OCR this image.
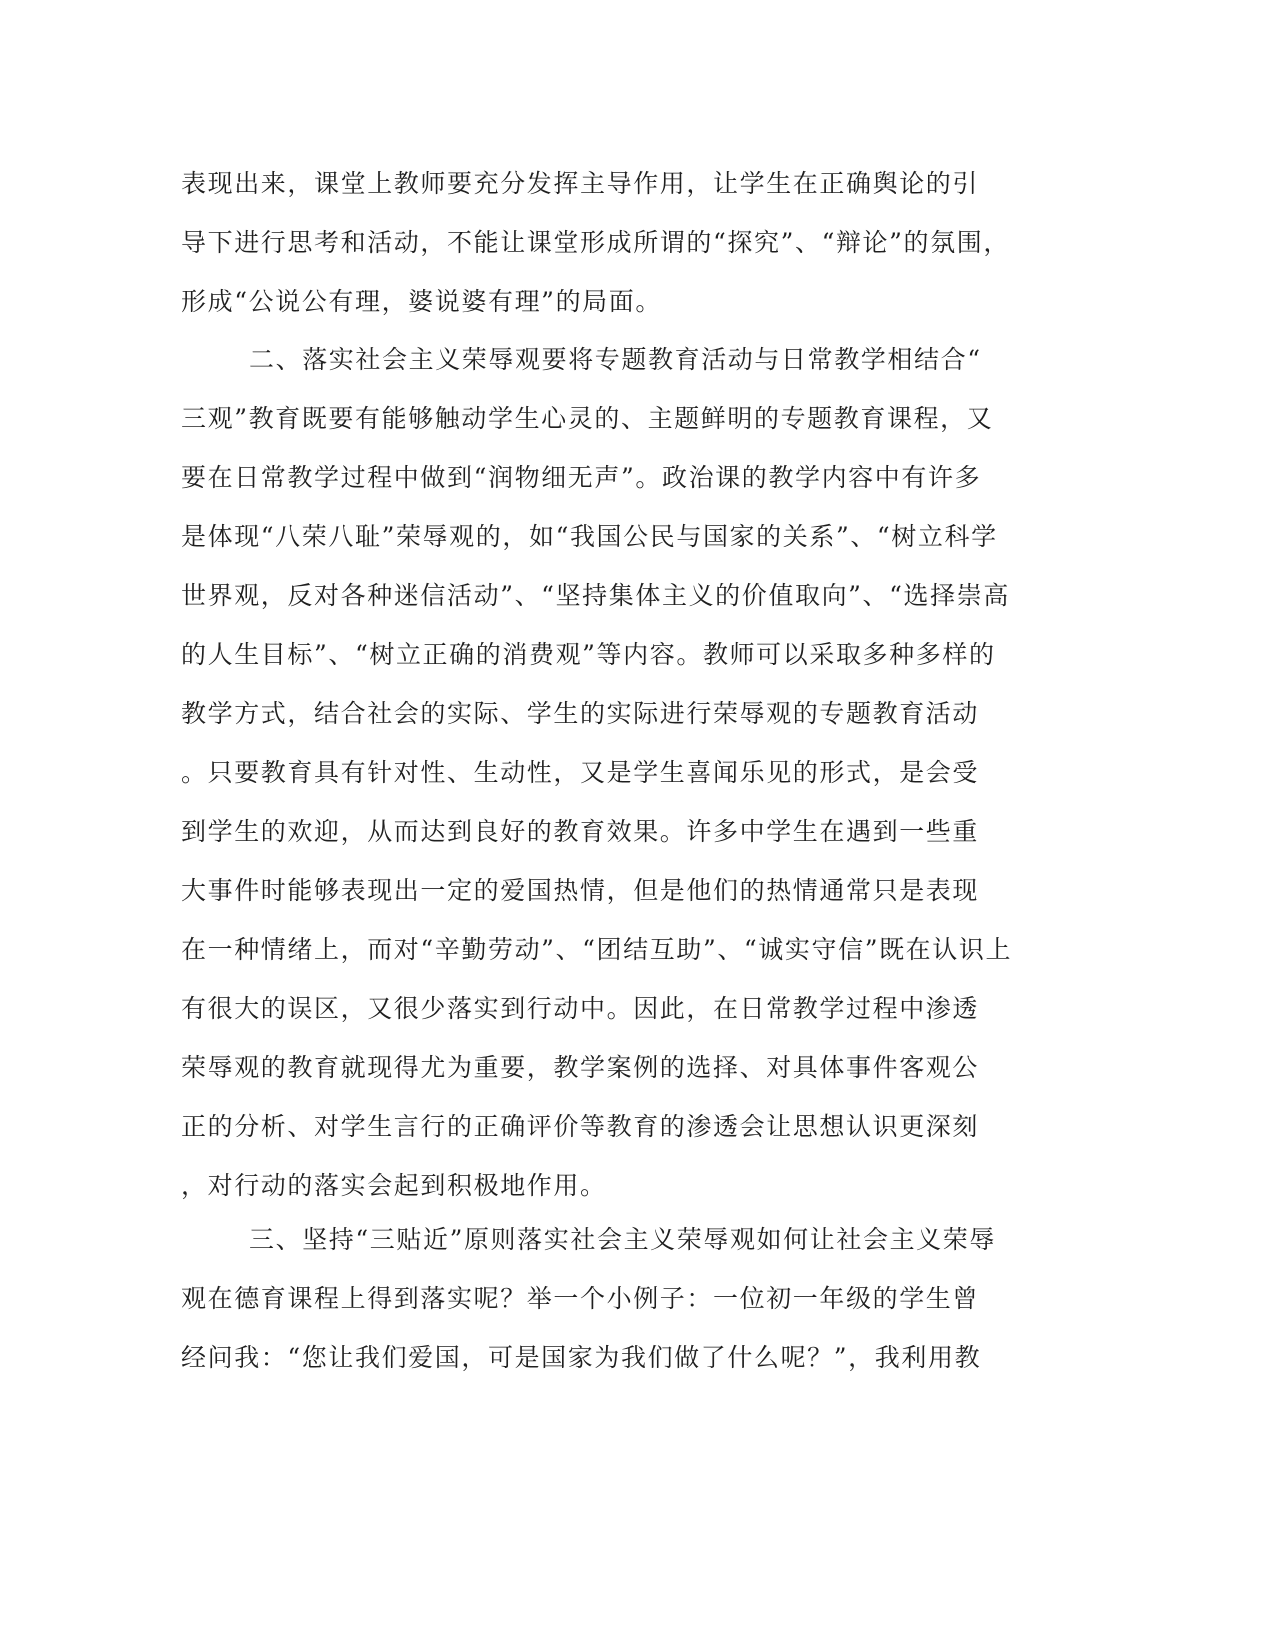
表现出来，课堂上教师要充分发挥主导作用，让学生在正确舆论的引
导下进行思考和活动，不能让课堂形成所谓的“探究”、“辩论”的氛围，
形成“公说公有理，婆说婆有理”的局面。
二、落实社会主义荣辱观要将专题教育活动与日常教学相结合“
三观”教育既要有能够触动学生心灵的、主题鲜明的专题教育课程，又
要在日常教学过程中做到“润物细无声”。政治课的教学内容中有许多
是体现“八荣八耻”荣辱观的，如“我国公民与国家的关系”、“树立科学
世界观，反对各种迷信活动”、“坚持集体主义的价值取向”、“选择崇高
的人生目标”、“树立正确的消费观”等内容。教师可以采取多种多样的
教学方式，结合社会的实际、学生的实际进行荣辱观的专题教育活动
。只要教育具有针对性、生动性，又是学生喜闻乐见的形式，是会受
到学生的欢迎，从而达到良好的教育效果。许多中学生在遇到一些重
大事件时能够表现出一定的爱国热情，但是他们的热情通常只是表现
在一种情绪上，而对“辛勤劳动”、“团结互助”、“诚实守信”既在认识上
有很大的误区，又很少落实到行动中。因此，在日常教学过程中渗透
荣辱观的教育就现得尤为重要，教学案例的选择、对具体事件客观公
正的分析、对学生言行的正确评价等教育的渗透会让思想认识更深刻
，对行动的落实会起到积极地作用。
三、坚持“三贴近”原则落实社会主义荣辱观如何让社会主义荣辱
观在德育课程上得到落实呢？举一个小例子：一位初一年级的学生曾
经问我：“您让我们爱国，可是国家为我们做了什么呢？”，我利用教
